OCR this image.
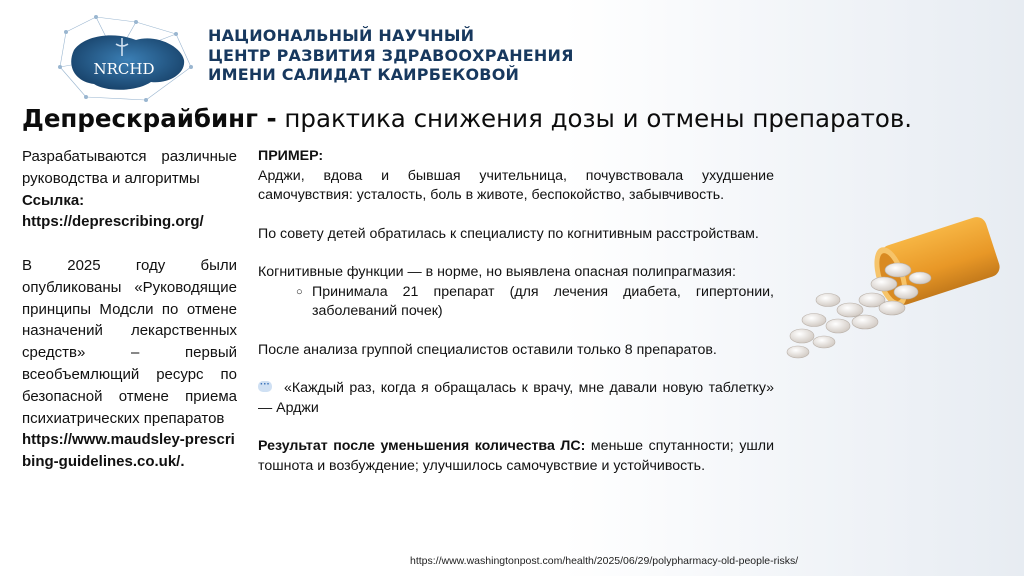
NRCHD
НАЦИОНАЛЬНЫЙ НАУЧНЫЙ
ЦЕНТР РАЗВИТИЯ ЗДРАВООХРАНЕНИЯ
ИМЕНИ САЛИДАТ КАИРБЕКОВОЙ
Депрескрайбинг - практика снижения дозы и отмены препаратов.

Разрабатываются различные руководства и алгоритмы

Ссылка:

https://deprescribing.org/

В 2025 году были опубликованы «Руководящие принципы Модсли по отмене назначений лекарственных средств» – первый всеобъемлющий ресурс по безопасной отмене приема психиатрических препаратов

https://www.maudsley-prescribing-guidelines.co.uk/.

ПРИМЕР:

Арджи, вдова и бывшая учительница, почувствовала ухудшение самочувствия: усталость, боль в животе, беспокойство, забывчивость.

По совету детей обратилась к специалисту по когнитивным расстройствам.

Когнитивные функции — в норме, но выявлена опасная полипрагмазия:

○ Принимала 21 препарат (для лечения диабета, гипертонии, заболеваний почек)

После анализа группой специалистов оставили только 8 препаратов.

···«Каждый раз, когда я обращалась к врачу, мне давали новую таблетку» — Арджи

Результат после уменьшения количества ЛС: меньше спутанности; ушли тошнота и возбуждение; улучшилось самочувствие и устойчивость.

https://www.washingtonpost.com/health/2025/06/29/polypharmacy-old-people-risks/
